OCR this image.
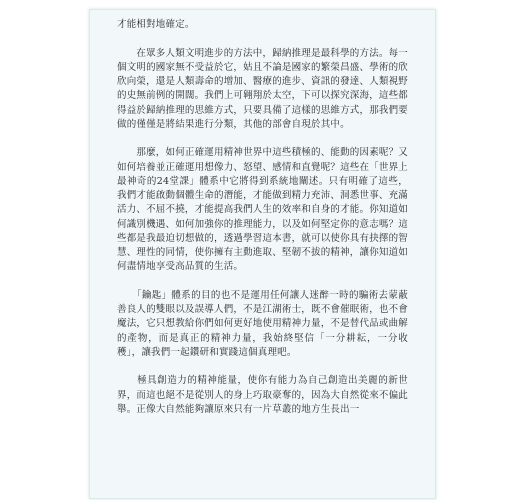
才能相對地確定。

　　在眾多人類文明進步的方法中，歸納推理是最科學的方法。每一個文明的國家無不受益於它，姑且不論是國家的繁榮昌盛、學術的欣欣向榮，還是人類壽命的增加、醫療的進步、資訊的發達、人類視野的史無前例的開闊。我們上可翱翔於太空，下可以探究深海，這些都得益於歸納推理的思維方式，只要具備了這樣的思維方式，那我們要做的僅僅是將結果進行分類，其他的部會自現於其中。

　　那麼，如何正確運用精神世界中這些積極的、能動的因素呢？又如何培養並正確運用想像力、怒望、感情和直覺呢？這些在「世界上最神奇的24堂課」體系中它將得到系統地闡述。只有明確了這些，我們才能啟動個體生命的潛能，才能做到精力充沛、洞悉世事、充滿活力、不屈不撓，才能提高我們人生的效率和自身的才能。你知道如何識別機遇、如何加強你的推理能力，以及如何堅定你的意志嗎？這些都是我最迫切想做的，透過學習這本書，就可以使你具有抉擇的智慧、理性的同情，使你擁有主動進取、堅韌不拔的精神，讓你知道如何盡情地享受高品質的生活。

　　「鑰匙」體系的目的也不是運用任何讓人迷醉一時的騙術去蒙蔽善良人的雙眼以及誤導人們，不是江湖術士，既不會催眠術，也不會魔法，它只想教給你們如何更好地使用精神力量，不是替代品或曲解的產物，而是真正的精神力量，我始終堅信「一分耕耘，一分收穫」，讓我們一起鑽研和實踐這個真理吧。

　　極具創造力的精神能量，使你有能力為自己創造出美麗的新世界，而這也絕不是從別人的身上巧取豪奪的，因為大自然從來不偏此舉。正像大自然能夠讓原來只有一片草叢的地方生長出一
